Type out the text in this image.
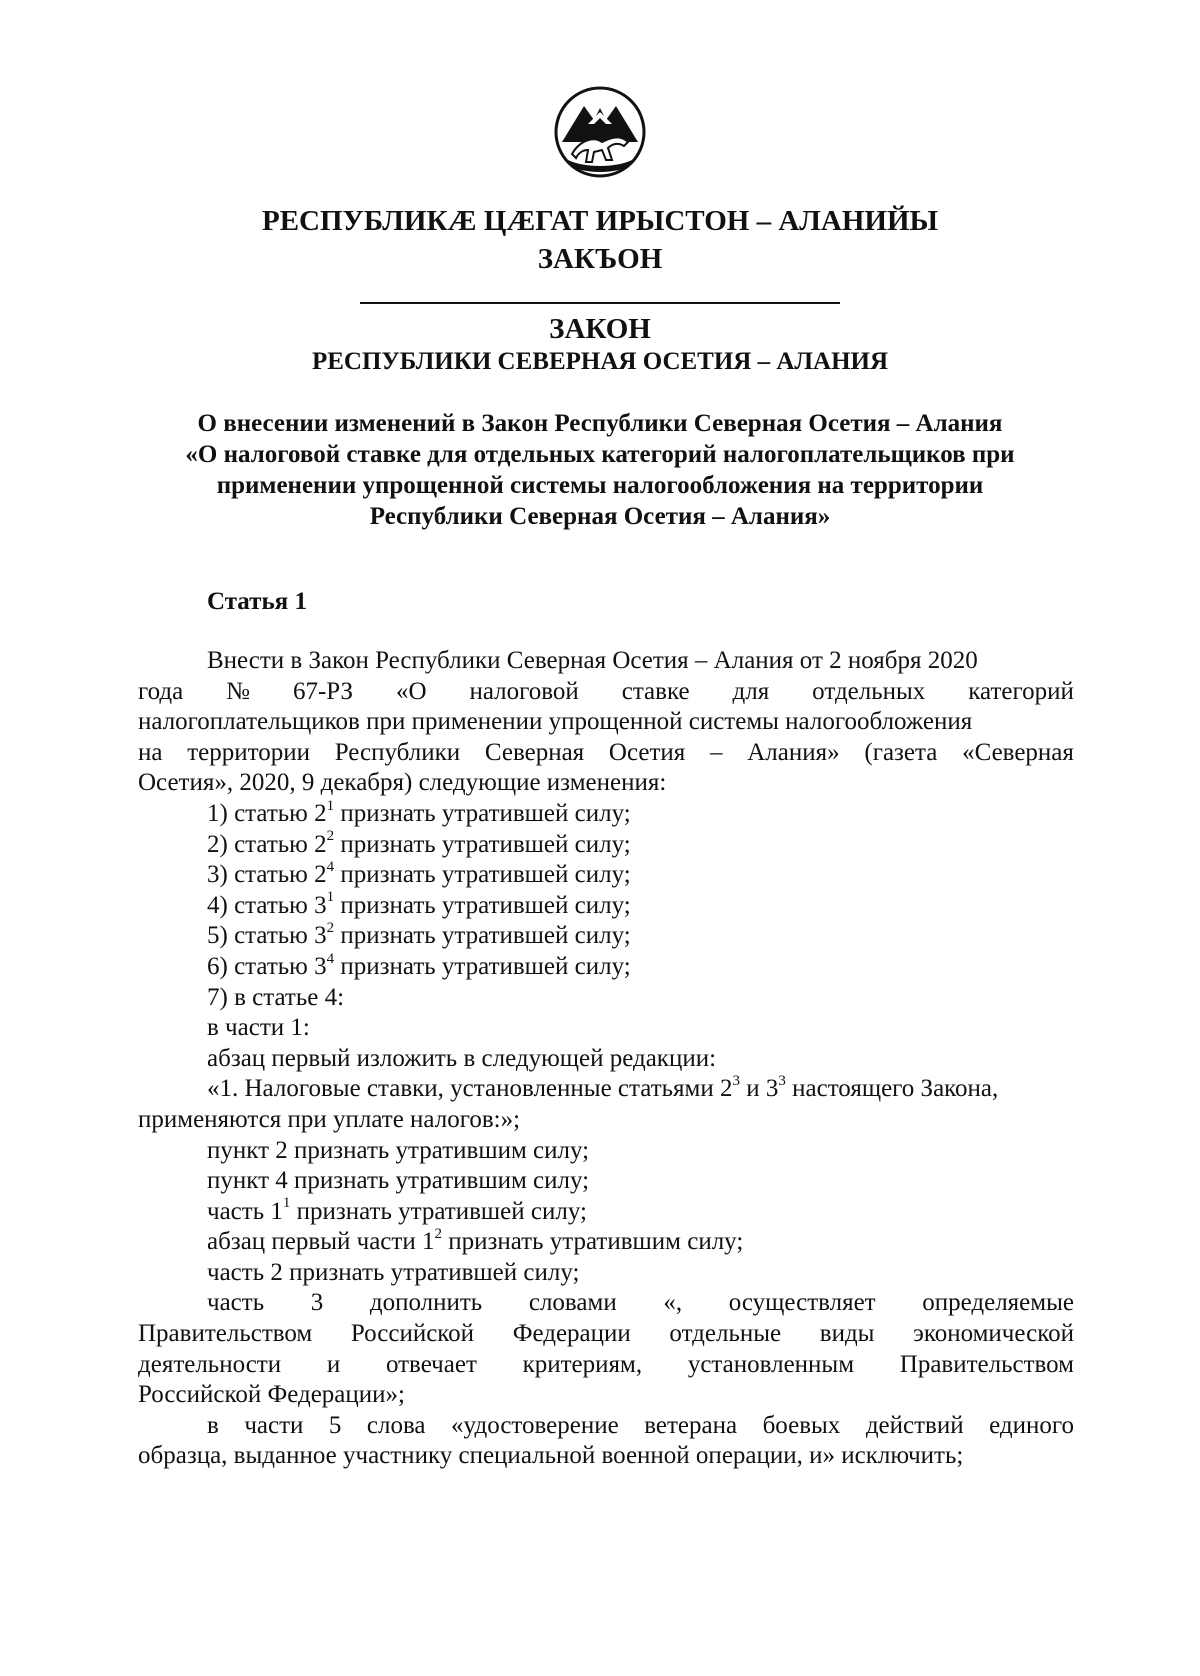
РЕСПУБЛИКӔ ЦӔГАТ ИРЫСТОН – АЛАНИЙЫ
ЗАКЪОН
ЗАКОН
РЕСПУБЛИКИ СЕВЕРНАЯ ОСЕТИЯ – АЛАНИЯ
О внесении изменений в Закон Республики Северная Осетия – Алания
«О налоговой ставке для отдельных категорий налогоплательщиков при
применении упрощенной системы налогообложения на территории
Республики Северная Осетия – Алания»
Статья 1
Внести в Закон Республики Северная Осетия – Алания от 2 ноября 2020
года № 67-РЗ «О налоговой ставке для отдельных категорий
налогоплательщиков при применении упрощенной системы налогообложения
на территории Республики Северная Осетия – Алания» (газета «Северная
Осетия», 2020, 9 декабря) следующие изменения:
1) статью $2^1$ признать утратившей силу;
2) статью $2^2$ признать утратившей силу;
3) статью $2^4$ признать утратившей силу;
4) статью $3^1$ признать утратившей силу;
5) статью $3^2$ признать утратившей силу;
6) статью $3^4$ признать утратившей силу;
7) в статье 4:
в части 1:
абзац первый изложить в следующей редакции:
«1. Налоговые ставки, установленные статьями $2^3$ и $3^3$ настоящего Закона,
применяются при уплате налогов:»;
пункт 2 признать утратившим силу;
пункт 4 признать утратившим силу;
часть $1^1$ признать утратившей силу;
абзац первый части $1^2$ признать утратившим силу;
часть 2 признать утратившей силу;
часть 3 дополнить словами «, осуществляет определяемые
Правительством Российской Федерации отдельные виды экономической
деятельности и отвечает критериям, установленным Правительством
Российской Федерации»;
в части 5 слова «удостоверение ветерана боевых действий единого
образца, выданное участнику специальной военной операции, и» исключить;
